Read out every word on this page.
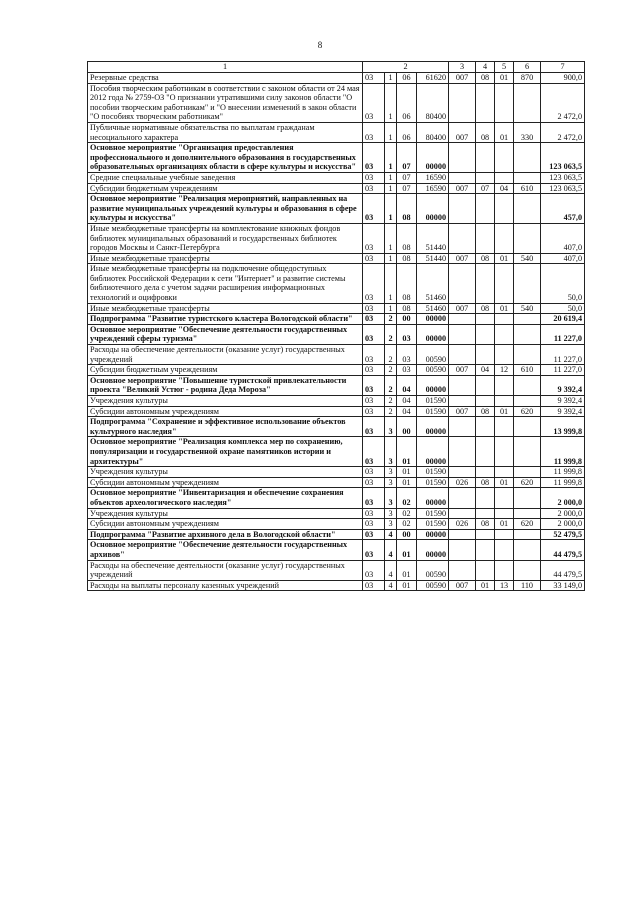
8
1	2				3	4	5	6	7
Резервные средства	03	1	06	61620	007	08	01	870	900,0
Пособия творческим работникам в соответствии с законом области от 24 мая 2012 года № 2759-ОЗ "О признании утратившими силу законов области "О пособии творческим работникам" и "О внесении изменений в закон области "О пособиях творческим работникам"	03	1	06	80400					2 472,0
Публичные нормативные обязательства по выплатам гражданам несоциального характера	03	1	06	80400	007	08	01	330	2 472,0
Основное мероприятие "Организация предоставления профессионального и дополнительного образования в государственных образовательных организациях области в сфере культуры и искусства"	03	1	07	00000					123 063,5
Средние специальные учебные заведения	03	1	07	16590					123 063,5
Субсидии бюджетным учреждениям	03	1	07	16590	007	07	04	610	123 063,5
Основное мероприятие "Реализация мероприятий, направленных на развитие муниципальных учреждений культуры и образования в сфере культуры и искусства"	03	1	08	00000					457,0
Иные межбюджетные трансферты на комплектование книжных фондов библиотек муниципальных образований и государственных библиотек городов Москвы и Санкт-Петербурга	03	1	08	51440					407,0
Иные межбюджетные трансферты	03	1	08	51440	007	08	01	540	407,0
Иные межбюджетные трансферты на подключение общедоступных библиотек Российской Федерации к сети "Интернет" и развитие системы библиотечного дела с учетом задачи расширения информационных технологий и оцифровки	03	1	08	51460					50,0
Иные межбюджетные трансферты	03	1	08	51460	007	08	01	540	50,0
Подпрограмма "Развитие туристского кластера Вологодской области"	03	2	00	00000					20 619,4
Основное мероприятие "Обеспечение деятельности государственных учреждений сферы туризма"	03	2	03	00000					11 227,0
Расходы на обеспечение деятельности (оказание услуг) государственных учреждений	03	2	03	00590					11 227,0
Субсидии бюджетным учреждениям	03	2	03	00590	007	04	12	610	11 227,0
Основное мероприятие "Повышение туристской привлекательности проекта "Великий Устюг - родина Деда Мороза"	03	2	04	00000					9 392,4
Учреждения культуры	03	2	04	01590					9 392,4
Субсидии автономным учреждениям	03	2	04	01590	007	08	01	620	9 392,4
Подпрограмма "Сохранение и эффективное использование объектов культурного наследия"	03	3	00	00000					13 999,8
Основное мероприятие "Реализация комплекса мер по сохранению, популяризации и государственной охране памятников истории и архитектуры"	03	3	01	00000					11 999,8
Учреждения культуры	03	3	01	01590					11 999,8
Субсидии автономным учреждениям	03	3	01	01590	026	08	01	620	11 999,8
Основное мероприятие "Инвентаризация и обеспечение сохранения объектов археологического наследия"	03	3	02	00000					2 000,0
Учреждения культуры	03	3	02	01590					2 000,0
Субсидии автономным учреждениям	03	3	02	01590	026	08	01	620	2 000,0
Подпрограмма "Развитие архивного дела в Вологодской области"	03	4	00	00000					52 479,5
Основное мероприятие "Обеспечение деятельности государственных архивов"	03	4	01	00000					44 479,5
Расходы на обеспечение деятельности (оказание услуг) государственных учреждений	03	4	01	00590					44 479,5
Расходы на выплаты персоналу казенных учреждений	03	4	01	00590	007	01	13	110	33 149,0
